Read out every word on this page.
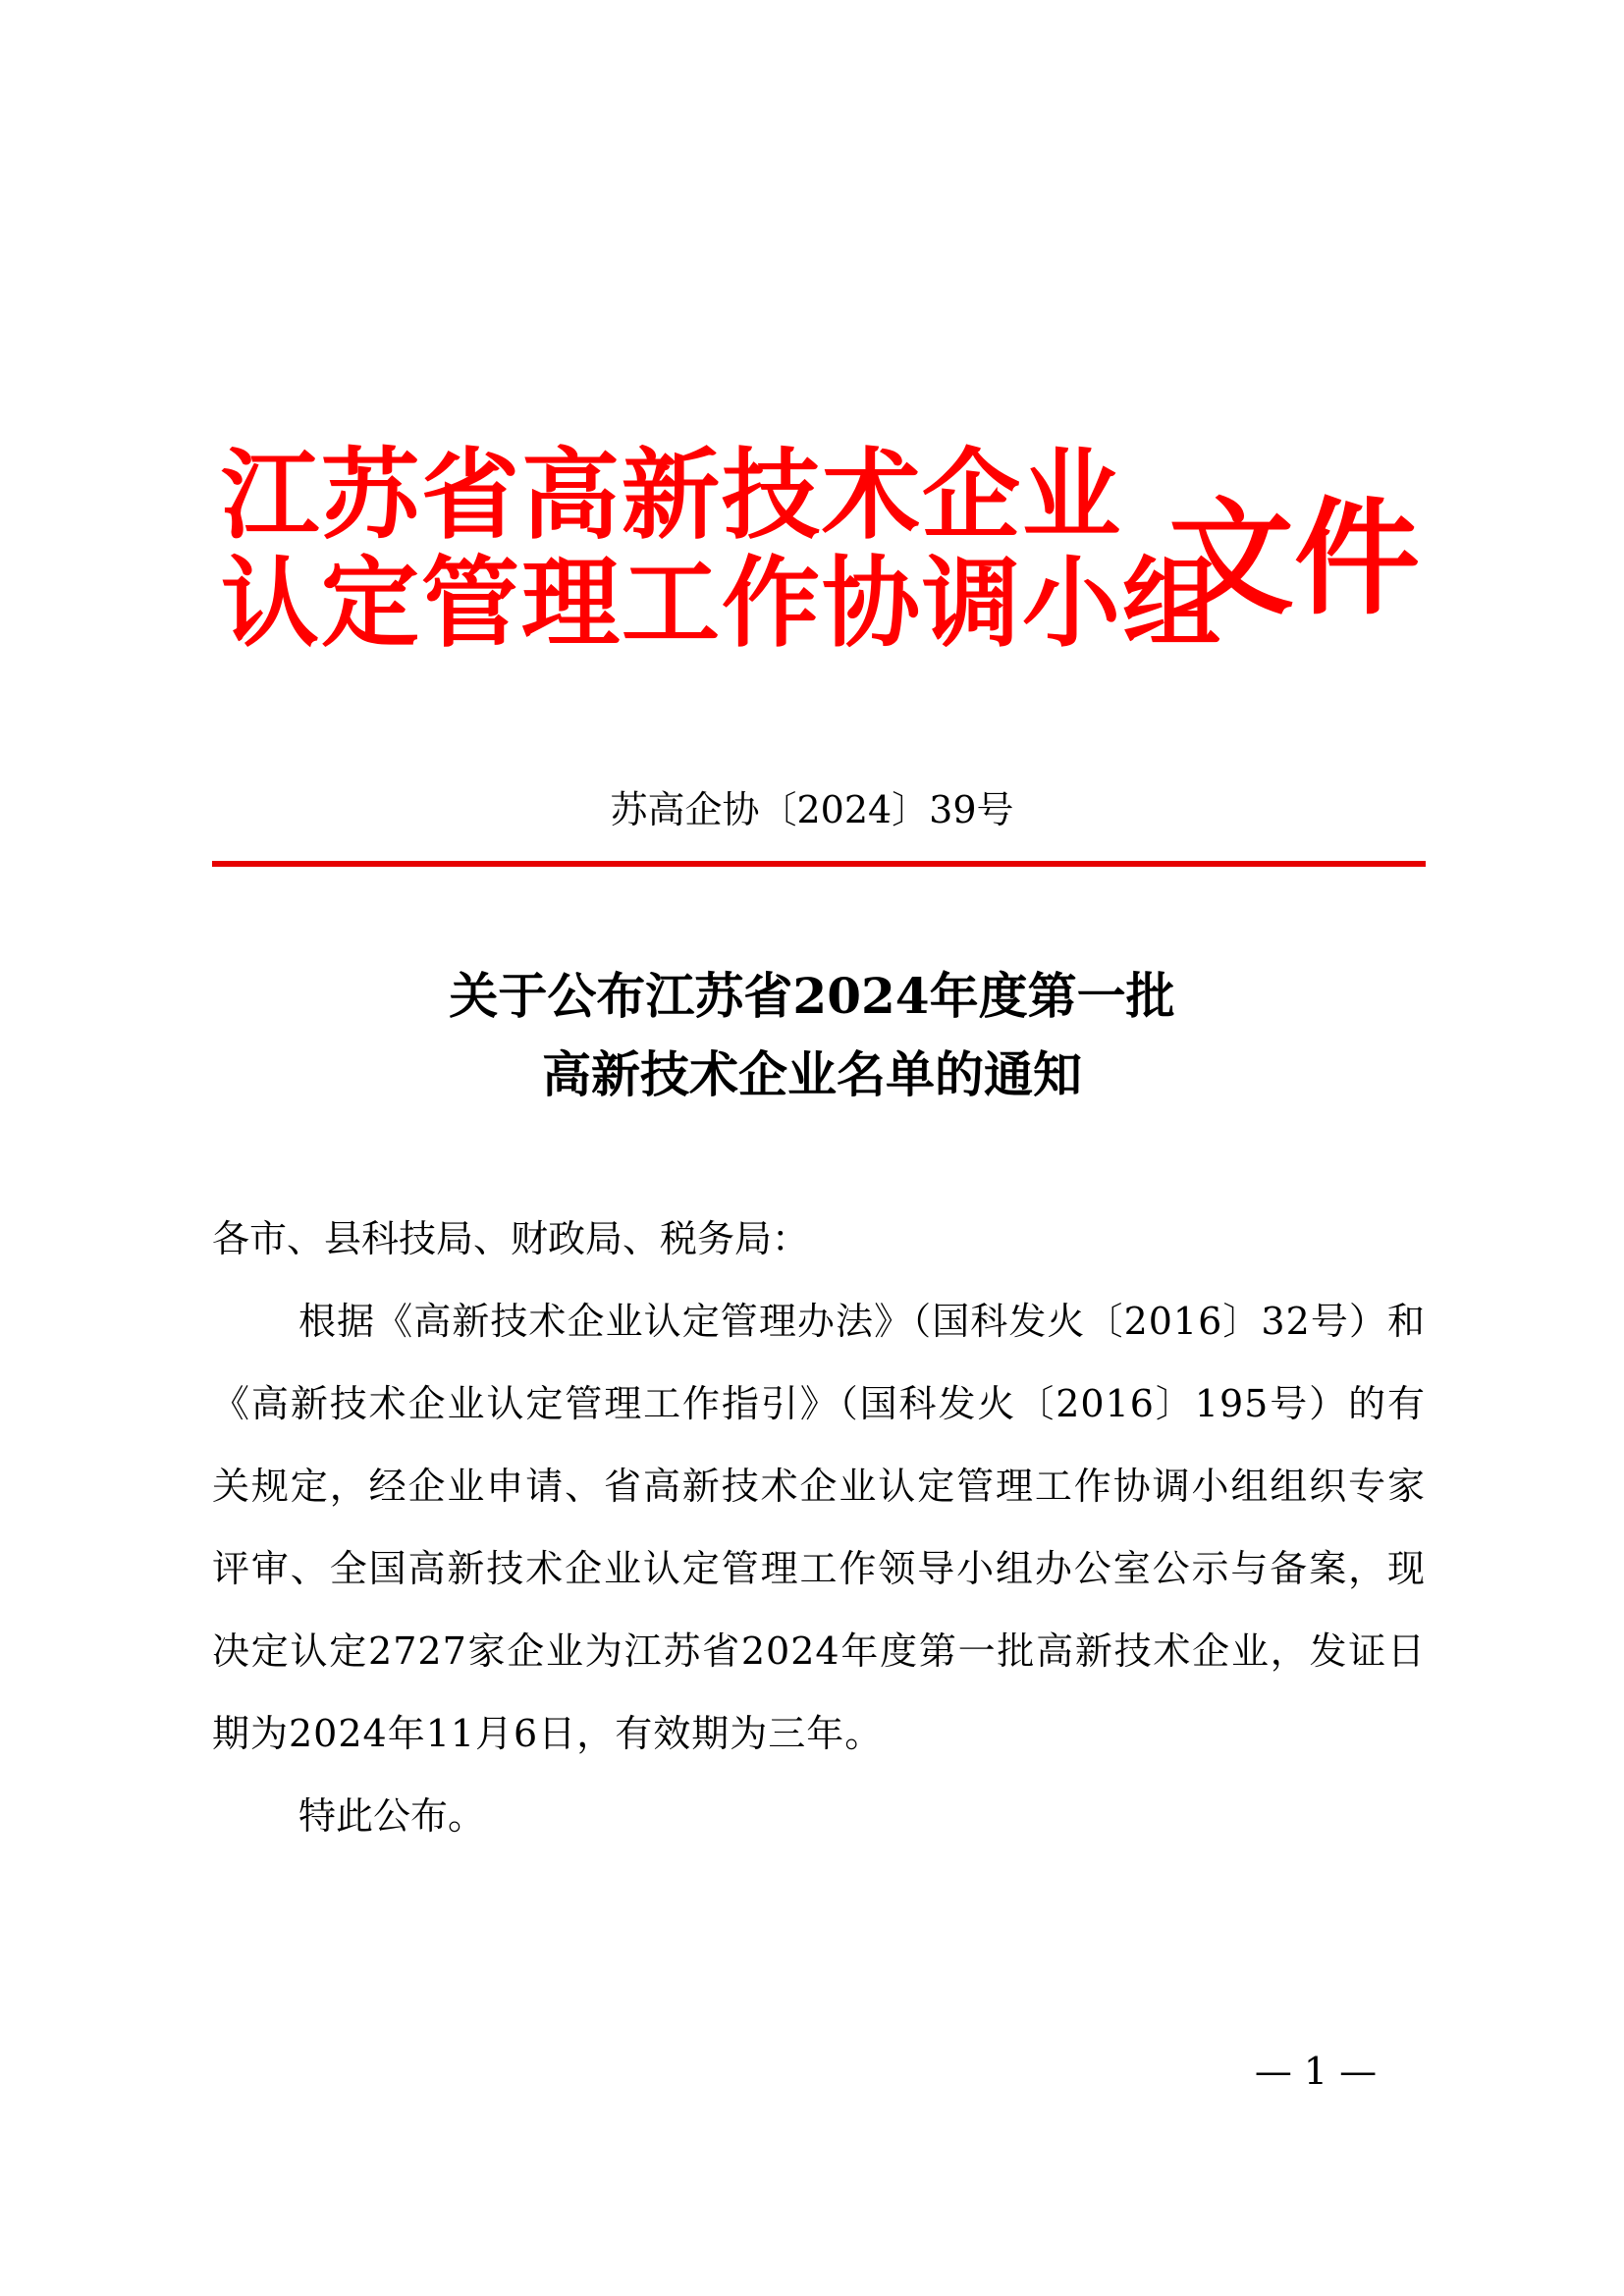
江苏省高新技术企业
认定管理工作协调小组
文件
苏高企协〔2024〕39号
关于公布江苏省2024年度第一批
高新技术企业名单的通知
各市、县科技局、财政局、税务局：
根据《高新技术企业认定管理办法》（国科发火〔2016〕32号）和《高新技术企业认定管理工作指引》（国科发火〔2016〕195号）的有关规定，经企业申请、省高新技术企业认定管理工作协调小组组织专家评审、全国高新技术企业认定管理工作领导小组办公室公示与备案，现决定认定2727家企业为江苏省2024年度第一批高新技术企业，发证日期为2024年11月6日，有效期为三年。
特此公布。
— 1 —
